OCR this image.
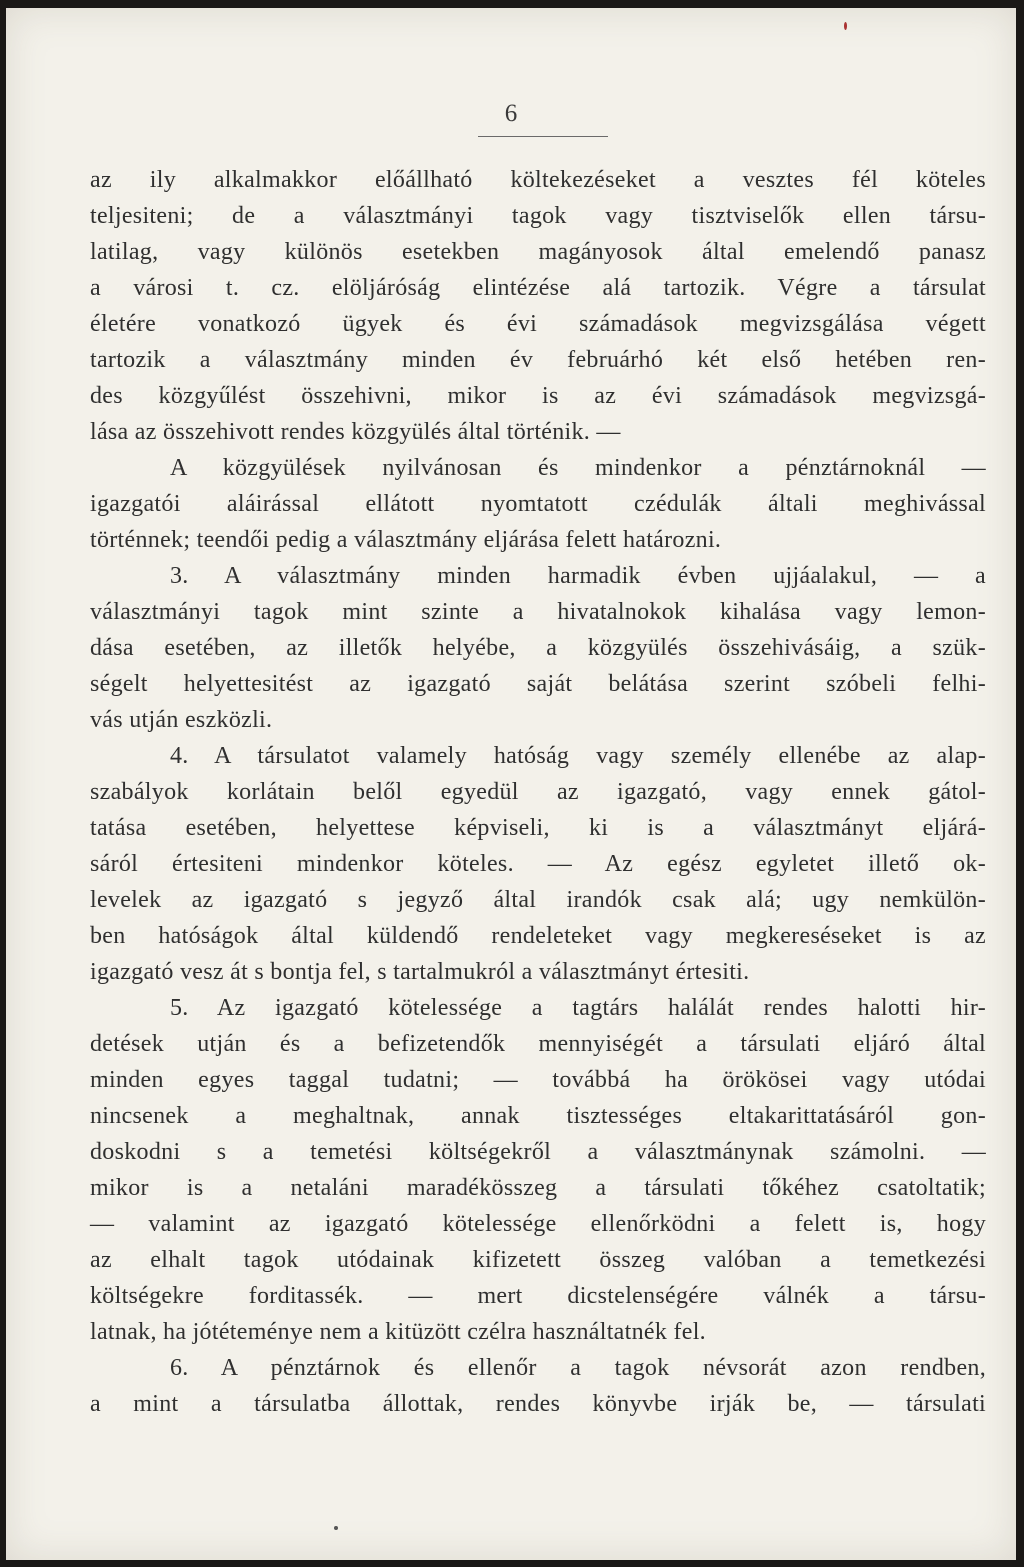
6
az ily alkalmakkor előállható költekezéseket a vesztes fél köteles
teljesiteni; de a választmányi tagok vagy tisztviselők ellen társu-
latilag, vagy különös esetekben magányosok által emelendő panasz
a városi t. cz. elöljáróság elintézése alá tartozik. Végre a társulat
életére vonatkozó ügyek és évi számadások megvizsgálása végett
tartozik a választmány minden év februárhó két első hetében ren-
des közgyűlést összehivni, mikor is az évi számadások megvizsgá-
lása az összehivott rendes közgyülés által történik. —
A közgyülések nyilvánosan és mindenkor a pénztárnoknál —
igazgatói aláirással ellátott nyomtatott czédulák általi meghivással
történnek; teendői pedig a választmány eljárása felett határozni.
3. A választmány minden harmadik évben ujjáalakul, — a
választmányi tagok mint szinte a hivatalnokok kihalása vagy lemon-
dása esetében, az illetők helyébe, a közgyülés összehivásáig, a szük-
ségelt helyettesitést az igazgató saját belátása szerint szóbeli felhi-
vás utján eszközli.
4. A társulatot valamely hatóság vagy személy ellenébe az alap-
szabályok korlátain belől egyedül az igazgató, vagy ennek gátol-
tatása esetében, helyettese képviseli, ki is a választmányt eljárá-
sáról értesiteni mindenkor köteles. — Az egész egyletet illető ok-
levelek az igazgató s jegyző által irandók csak alá; ugy nemkülön-
ben hatóságok által küldendő rendeleteket vagy megkereséseket is az
igazgató vesz át s bontja fel, s tartalmukról a választmányt értesiti.
5. Az igazgató kötelessége a tagtárs halálát rendes halotti hir-
detések utján és a befizetendők mennyiségét a társulati eljáró által
minden egyes taggal tudatni; — továbbá ha örökösei vagy utódai
nincsenek a meghaltnak, annak tisztességes eltakarittatásáról gon-
doskodni s a temetési költségekről a választmánynak számolni. —
mikor is a netaláni maradékösszeg a társulati tőkéhez csatoltatik;
— valamint az igazgató kötelessége ellenőrködni a felett is, hogy
az elhalt tagok utódainak kifizetett összeg valóban a temetkezési
költségekre forditassék. — mert dicstelenségére válnék a társu-
latnak, ha jótéteménye nem a kitüzött czélra használtatnék fel.
6. A pénztárnok és ellenőr a tagok névsorát azon rendben,
a mint a társulatba állottak, rendes könyvbe irják be, — társulati
